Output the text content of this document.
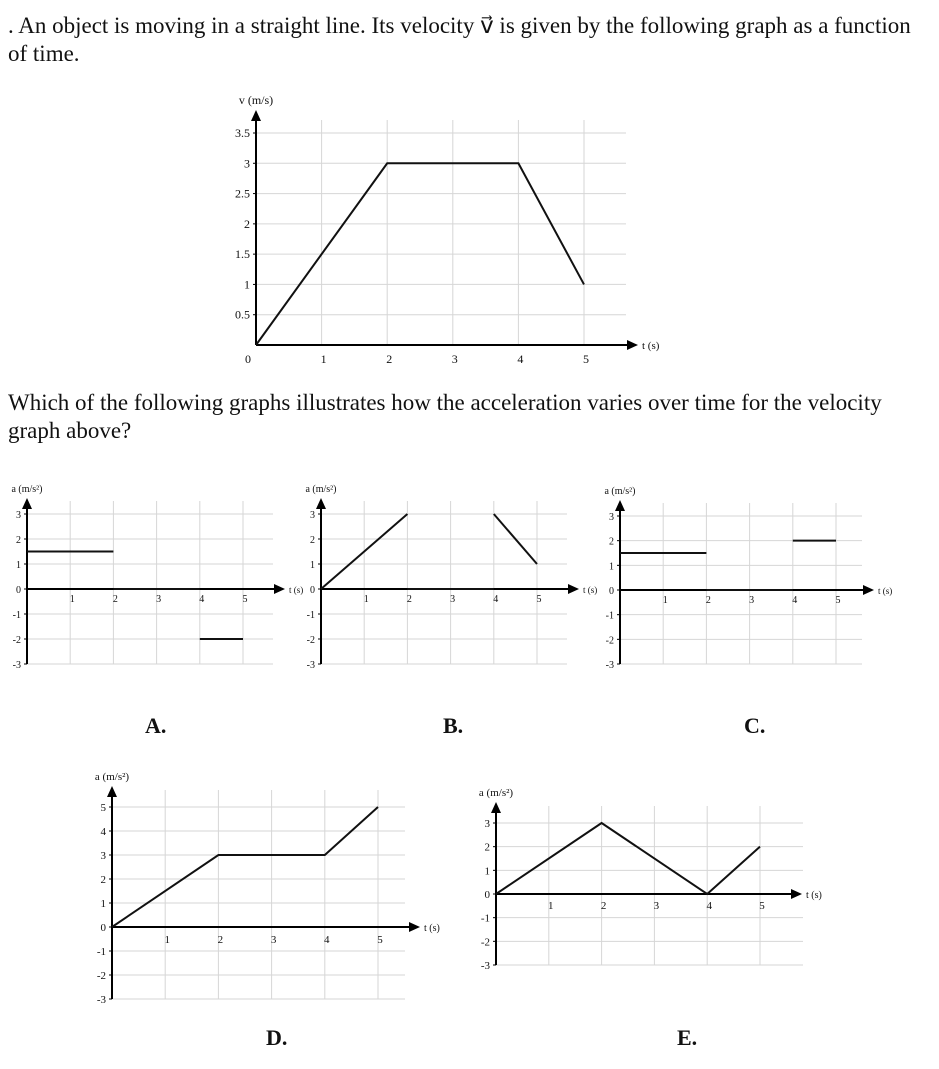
. An object is moving in a straight line. Its velocity v⃗ is given by the following graph as a function of time.

v (m/s)
t (s)
0	1	2	3	4	5
0.5
1
1.5
2
2.5
3
3.5

Which of the following graphs illustrates how the acceleration varies over time for the velocity graph above?

a (m/s²)
t (s)
1	2	3	4	5
-3
-2
-1
0
1
2
3
a (m/s²)
t (s)
1	2	3	4	5
-3
-2
-1
0
1
2
3
a (m/s²)
t (s)
1	2	3	4	5
-3
-2
-1
0
1
2
3
a (m/s²)
t (s)
1	2	3	4	5
-3
-2
-1
0
1
2
3
4
5
a (m/s²)
t (s)
1	2	3	4	5
-3
-2
-1
0
1
2
3

A.	B.	C.

D.	E.
